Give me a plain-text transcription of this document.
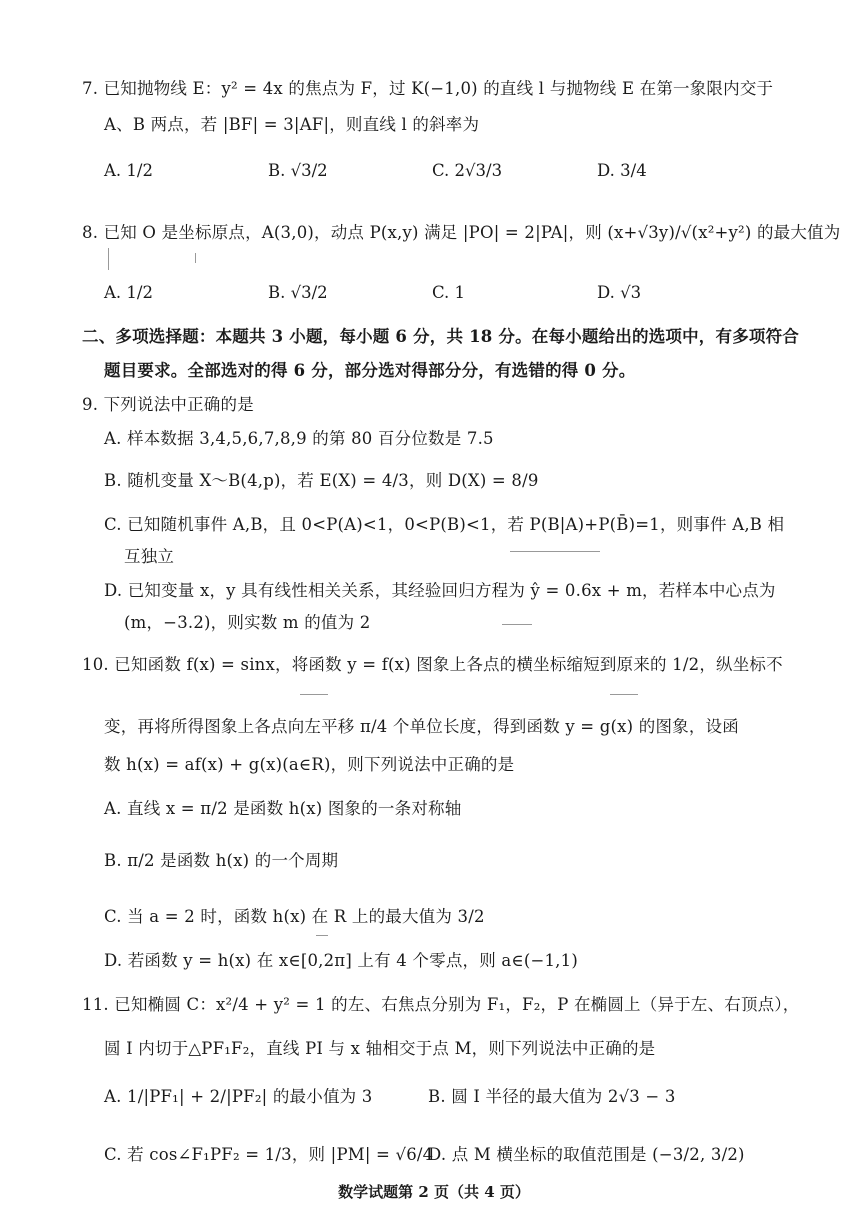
7. 已知抛物线 E：y² = 4x 的焦点为 F，过 K(−1,0) 的直线 l 与抛物线 E 在第一象限内交于
A、B 两点，若 |BF| = 3|AF|，则直线 l 的斜率为
A. 1/2	B. √3/2	C. 2√3/3	D. 3/4
8. 已知 O 是坐标原点，A(3,0)，动点 P(x,y) 满足 |PO| = 2|PA|，则 (x+√3y)/√(x²+y²) 的最大值为
A. 1/2	B. √3/2	C. 1	D. √3
二、多项选择题：本题共 3 小题，每小题 6 分，共 18 分。在每小题给出的选项中，有多项符合
题目要求。全部选对的得 6 分，部分选对得部分分，有选错的得 0 分。
9. 下列说法中正确的是
A. 样本数据 3,4,5,6,7,8,9 的第 80 百分位数是 7.5
B. 随机变量 X～B(4,p)，若 E(X) = 4/3，则 D(X) = 8/9
C. 已知随机事件 A,B，且 0<P(A)<1，0<P(B)<1，若 P(B|A)+P(B̄)=1，则事件 A,B 相
互独立
D. 已知变量 x，y 具有线性相关关系，其经验回归方程为 ŷ = 0.6x + m，若样本中心点为
(m，−3.2)，则实数 m 的值为 2
10. 已知函数 f(x) = sinx，将函数 y = f(x) 图象上各点的横坐标缩短到原来的 1/2，纵坐标不
变，再将所得图象上各点向左平移 π/4 个单位长度，得到函数 y = g(x) 的图象，设函
数 h(x) = af(x) + g(x)(a∈R)，则下列说法中正确的是
A. 直线 x = π/2 是函数 h(x) 图象的一条对称轴
B. π/2 是函数 h(x) 的一个周期
C. 当 a = 2 时，函数 h(x) 在 R 上的最大值为 3/2
D. 若函数 y = h(x) 在 x∈[0,2π] 上有 4 个零点，则 a∈(−1,1)
11. 已知椭圆 C：x²/4 + y² = 1 的左、右焦点分别为 F₁，F₂，P 在椭圆上（异于左、右顶点），
圆 I 内切于△PF₁F₂，直线 PI 与 x 轴相交于点 M，则下列说法中正确的是
A. 1/|PF₁| + 2/|PF₂| 的最小值为 3	B. 圆 I 半径的最大值为 2√3 − 3
C. 若 cos∠F₁PF₂ = 1/3，则 |PM| = √6/4
D. 点 M 横坐标的取值范围是 (−3/2, 3/2)
数学试题第 2 页（共 4 页）
